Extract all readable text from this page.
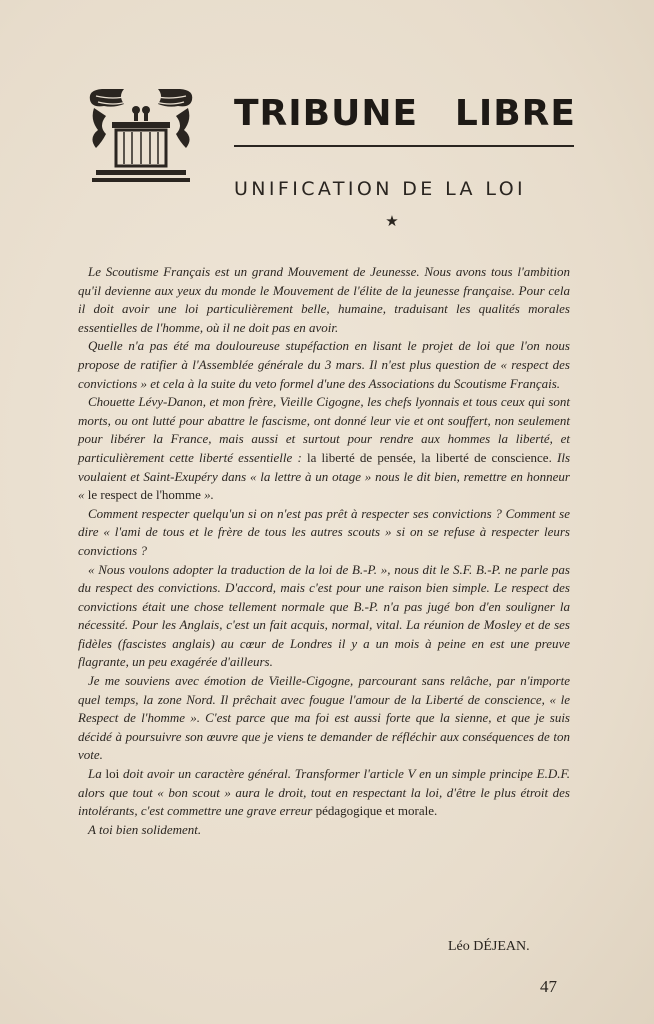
TRIBUNE LIBRE
UNIFICATION DE LA LOI
★

Le Scoutisme Français est un grand Mouvement de Jeunesse. Nous avons tous l'ambition qu'il devienne aux yeux du monde le Mouvement de l'élite de la jeunesse française. Pour cela il doit avoir une loi particulièrement belle, humaine, traduisant les qualités morales essentielles de l'homme, où il ne doit pas en avoir.

Quelle n'a pas été ma douloureuse stupéfaction en lisant le projet de loi que l'on nous propose de ratifier à l'Assemblée générale du 3 mars. Il n'est plus question de « respect des convictions » et cela à la suite du veto formel d'une des Associations du Scoutisme Français.

Chouette Lévy-Danon, et mon frère, Vieille Cigogne, les chefs lyonnais et tous ceux qui sont morts, ou ont lutté pour abattre le fascisme, ont donné leur vie et ont souffert, non seulement pour libérer la France, mais aussi et surtout pour rendre aux hommes la liberté, et particulièrement cette liberté essentielle : la liberté de pensée, la liberté de conscience. Ils voulaient et Saint-Exupéry dans « la lettre à un otage » nous le dit bien, remettre en honneur « le respect de l'homme ».

Comment respecter quelqu'un si on n'est pas prêt à respecter ses convictions ? Comment se dire « l'ami de tous et le frère de tous les autres scouts » si on se refuse à respecter leurs convictions ?

« Nous voulons adopter la traduction de la loi de B.-P. », nous dit le S.F. B.-P. ne parle pas du respect des convictions. D'accord, mais c'est pour une raison bien simple. Le respect des convictions était une chose tellement normale que B.-P. n'a pas jugé bon d'en souligner la nécessité. Pour les Anglais, c'est un fait acquis, normal, vital. La réunion de Mosley et de ses fidèles (fascistes anglais) au cœur de Londres il y a un mois à peine en est une preuve flagrante, un peu exagérée d'ailleurs.

Je me souviens avec émotion de Vieille-Cigogne, parcourant sans relâche, par n'importe quel temps, la zone Nord. Il prêchait avec fougue l'amour de la Liberté de conscience, « le Respect de l'homme ». C'est parce que ma foi est aussi forte que la sienne, et que je suis décidé à poursuivre son œuvre que je viens te demander de réfléchir aux conséquences de ton vote.

La loi doit avoir un caractère général. Transformer l'article V en un simple principe E.D.F. alors que tout « bon scout » aura le droit, tout en respectant la loi, d'être le plus étroit des intolérants, c'est commettre une grave erreur pédagogique et morale.

A toi bien solidement.

Léo DÉJEAN.
47
